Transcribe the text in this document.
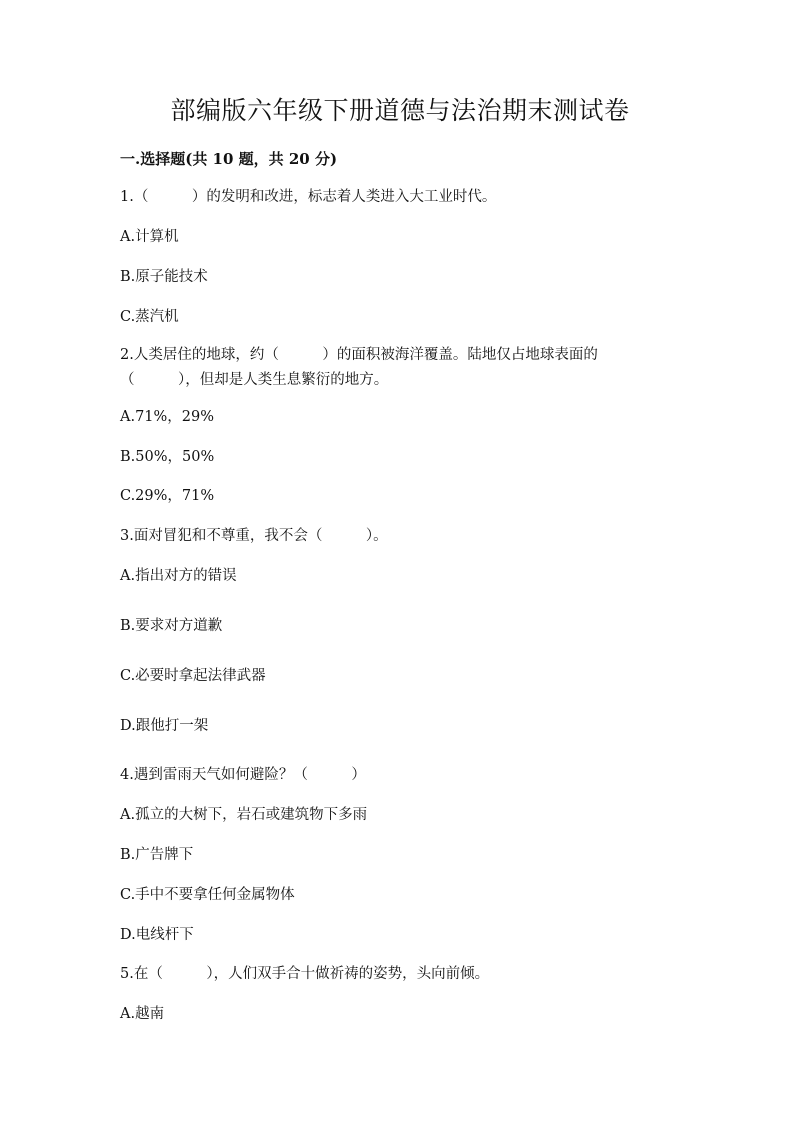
部编版六年级下册道德与法治期末测试卷
一.选择题(共 10 题，共 20 分)
1.（　　　）的发明和改进，标志着人类进入大工业时代。
A.计算机
B.原子能技术
C.蒸汽机
2.人类居住的地球，约（　　　）的面积被海洋覆盖。陆地仅占地球表面的（　　　），但却是人类生息繁衍的地方。
A.71%，29%
B.50%，50%
C.29%，71%
3.面对冒犯和不尊重，我不会（　　　）。
A.指出对方的错误
B.要求对方道歉
C.必要时拿起法律武器
D.跟他打一架
4.遇到雷雨天气如何避险？（　　　）
A.孤立的大树下，岩石或建筑物下多雨
B.广告牌下
C.手中不要拿任何金属物体
D.电线杆下
5.在（　　　），人们双手合十做祈祷的姿势，头向前倾。
A.越南
